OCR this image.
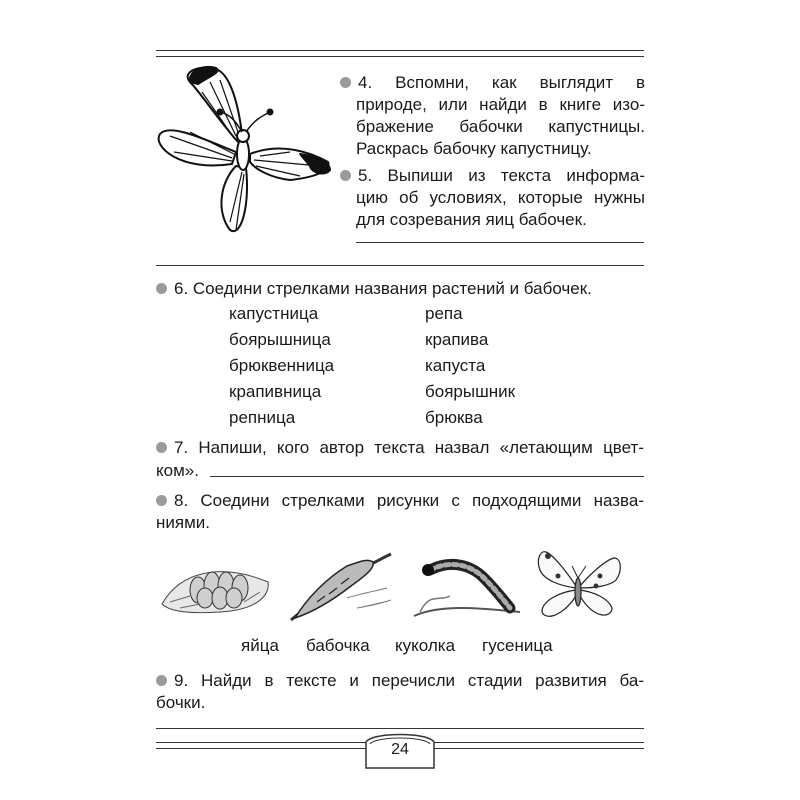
4. Вспомни, как выглядит в
природе, или найди в книге изо-
бражение бабочки капустницы.
Раскрась бабочку капустницу.
5. Выпиши из текста информа-
цию об условиях, которые нужны
для созревания яиц бабочек.
6. Соедини стрелками названия растений и бабочек.
капустница
боярышница
брюквенница
крапивница
репница
репа
крапива
капуста
боярышник
брюква
7. Напиши, кого автор текста назвал «летающим цвет-
ком».
8. Соедини стрелками рисунки с подходящими назва-
ниями.
яйца бабочка куколка гусеница
9. Найди в тексте и перечисли стадии развития ба-
бочки.
24
